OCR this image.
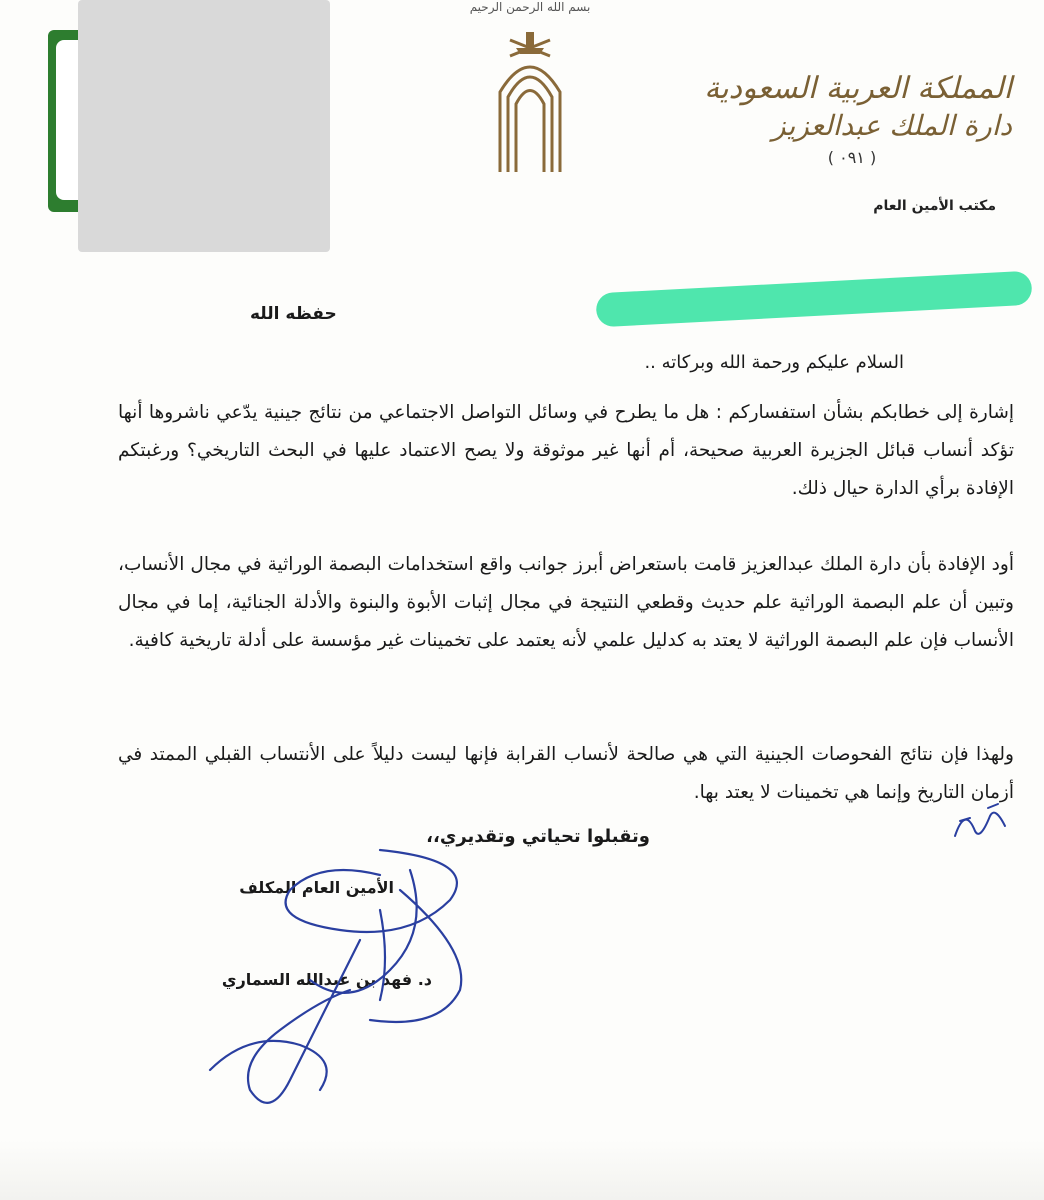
بسم الله الرحمن الرحيم
المملكة العربية السعودية
دارة الملك عبدالعزيز
( ٠٩١ )
مكتب الأمين العام
حفظه الله
السلام عليكم ورحمة الله وبركاته ..
إشارة إلى خطابكم بشأن استفساركم : هل ما يطرح في وسائل التواصل الاجتماعي من نتائج جينية يدّعي ناشروها أنها تؤكد أنساب قبائل الجزيرة العربية صحيحة، أم أنها غير موثوقة ولا يصح الاعتماد عليها في البحث التاريخي؟ ورغبتكم الإفادة برأي الدارة حيال ذلك.
أود الإفادة بأن دارة الملك عبدالعزيز قامت باستعراض أبرز جوانب واقع استخدامات البصمة الوراثية في مجال الأنساب، وتبين أن علم البصمة الوراثية علم حديث وقطعي النتيجة في مجال إثبات الأبوة والبنوة والأدلة الجنائية، إما في مجال الأنساب فإن علم البصمة الوراثية لا يعتد به كدليل علمي لأنه يعتمد على تخمينات غير مؤسسة على أدلة تاريخية كافية.
ولهذا فإن نتائج الفحوصات الجينية التي هي صالحة لأنساب القرابة فإنها ليست دليلاً على الأنتساب القبلي الممتد في أزمان التاريخ وإنما هي تخمينات لا يعتد بها.
وتقبلوا تحياتي وتقديري،،
الأمين العام المكلف
د. فهد بن عبدالله السماري
